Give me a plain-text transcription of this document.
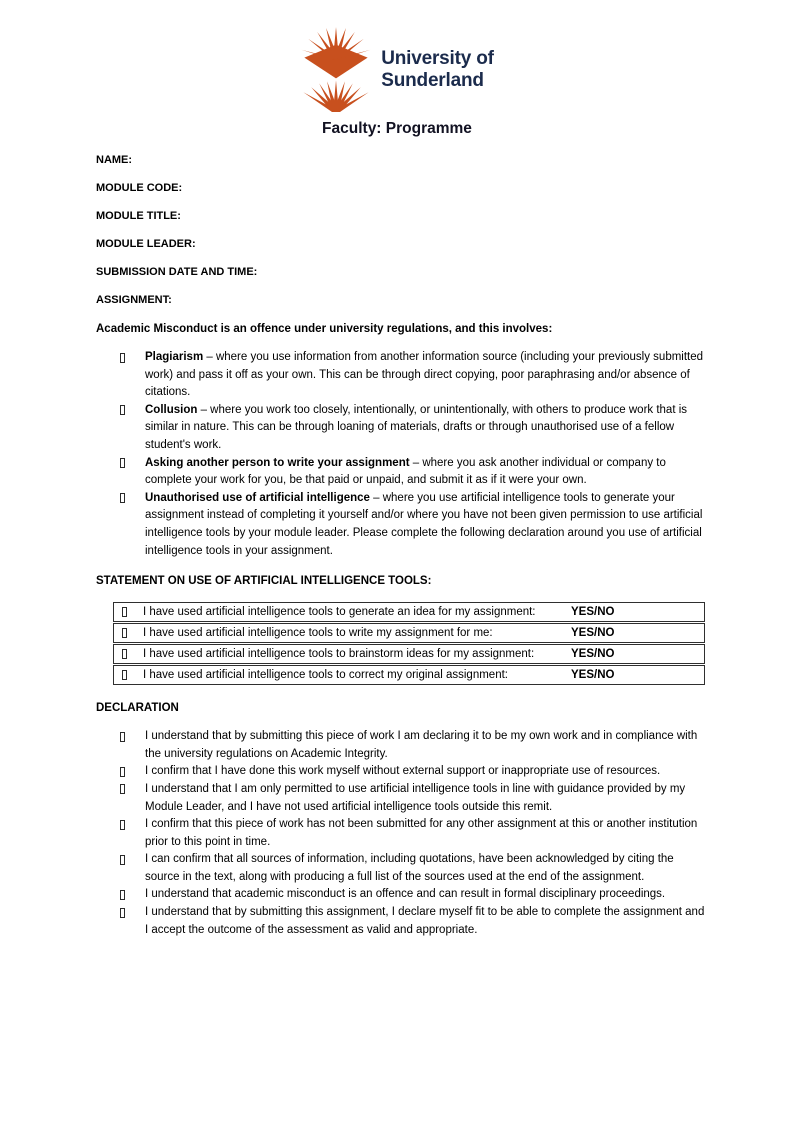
University of
Sunderland
Faculty: Programme
NAME:
MODULE CODE:
MODULE TITLE:
MODULE LEADER:
SUBMISSION DATE AND TIME:
ASSIGNMENT:
Academic Misconduct is an offence under university regulations, and this involves:
Plagiarism – where you use information from another information source (including your previously submitted work) and pass it off as your own. This can be through direct copying, poor paraphrasing and/or absence of citations.
Collusion – where you work too closely, intentionally, or unintentionally, with others to produce work that is similar in nature. This can be through loaning of materials, drafts or through unauthorised use of a fellow student's work.
Asking another person to write your assignment – where you ask another individual or company to complete your work for you, be that paid or unpaid, and submit it as if it were your own.
Unauthorised use of artificial intelligence – where you use artificial intelligence tools to generate your assignment instead of completing it yourself and/or where you have not been given permission to use artificial intelligence tools by your module leader. Please complete the following declaration around you use of artificial intelligence tools in your assignment.
STATEMENT ON USE OF ARTIFICIAL INTELLIGENCE TOOLS:
I have used artificial intelligence tools to generate an idea for my assignment:	YES/NO
I have used artificial intelligence tools to write my assignment for me:	YES/NO
I have used artificial intelligence tools to brainstorm ideas for my assignment:	YES/NO
I have used artificial intelligence tools to correct my original assignment:	YES/NO
DECLARATION
I understand that by submitting this piece of work I am declaring it to be my own work and in compliance with the university regulations on Academic Integrity.
I confirm that I have done this work myself without external support or inappropriate use of resources.
I understand that I am only permitted to use artificial intelligence tools in line with guidance provided by my Module Leader, and I have not used artificial intelligence tools outside this remit.
I confirm that this piece of work has not been submitted for any other assignment at this or another institution prior to this point in time.
I can confirm that all sources of information, including quotations, have been acknowledged by citing the source in the text, along with producing a full list of the sources used at the end of the assignment.
I understand that academic misconduct is an offence and can result in formal disciplinary proceedings.
I understand that by submitting this assignment, I declare myself fit to be able to complete the assignment and I accept the outcome of the assessment as valid and appropriate.
